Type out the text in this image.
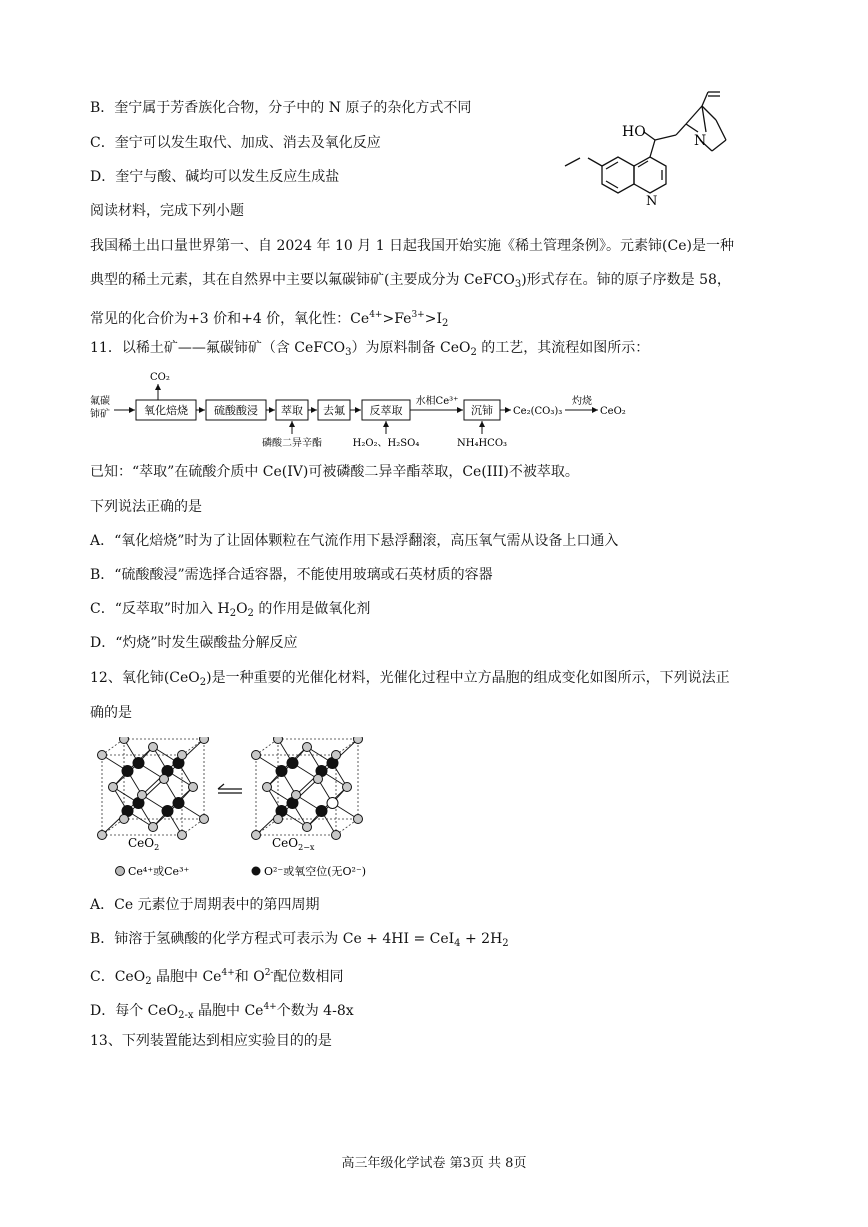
B．奎宁属于芳香族化合物，分子中的 N 原子的杂化方式不同
C．奎宁可以发生取代、加成、消去及氧化反应
D．奎宁与酸、碱均可以发生反应生成盐
HO
N
N
阅读材料，完成下列小题
我国稀土出口量世界第一、自 2024 年 10 月 1 日起我国开始实施《稀土管理条例》。元素铈(Ce)是一种
典型的稀土元素，其在自然界中主要以氟碳铈矿(主要成分为 CeFCO$_3$)形式存在。铈的原子序数是 58，
常见的化合价为+3 价和+4 价，氧化性：$Ce^{4+}>Fe^{3+}>I_2$
11．以稀土矿——氟碳铈矿（含 CeFCO$_3$）为原料制备 CeO$_2$ 的工艺，其流程如图所示：
氟碳
铈矿
CO₂
氧化焙烧 硫酸酸浸 萃取 去氟 反萃取	沉铈
水相Ce³⁺
Ce₂(CO₃)₃
灼烧
CeO₂
磷酸二异辛酯	H₂O₂、H₂SO₄	NH₄HCO₃
已知：“萃取”在硫酸介质中 Ce(IV)可被磷酸二异辛酯萃取，Ce(III)不被萃取。
下列说法正确的是
A．“氧化焙烧”时为了让固体颗粒在气流作用下悬浮翻滚，高压氧气需从设备上口通入
B．“硫酸酸浸”需选择合适容器，不能使用玻璃或石英材质的容器
C．“反萃取”时加入 $H_2O_2$ 的作用是做氧化剂
D．“灼烧”时发生碳酸盐分解反应
12、氧化铈(CeO$_2$)是一种重要的光催化材料，光催化过程中立方晶胞的组成变化如图所示，下列说法正
确的是
CeO$_2$	CeO$_{2-x}$
Ce⁴⁺或Ce³⁺	O²⁻或氧空位(无O²⁻)
A．Ce 元素位于周期表中的第四周期
B．铈溶于氢碘酸的化学方程式可表示为 $Ce + 4HI = CeI_4 + 2H_2$
C．CeO$_2$ 晶胞中 $Ce^{4+}$和 $O^{2-}$配位数相同
D．每个 CeO$_{2-x}$ 晶胞中 $Ce^{4+}$个数为 4-8x
13、下列装置能达到相应实验目的的是
高三年级化学试卷 第3页 共 8页
